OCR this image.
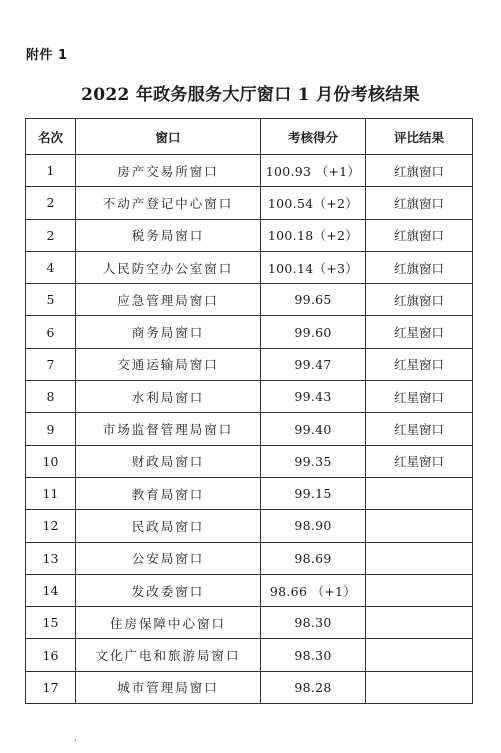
附件 1
2022 年政务服务大厅窗口 1 月份考核结果
名次	窗口	考核得分	评比结果
1	房产交易所窗口	100.93 （+1）	红旗窗口
2	不动产登记中心窗口	100.54（+2）	红旗窗口
2	税务局窗口	100.18（+2）	红旗窗口
4	人民防空办公室窗口	100.14（+3）	红旗窗口
5	应急管理局窗口	99.65	红旗窗口
6	商务局窗口	99.60	红星窗口
7	交通运输局窗口	99.47	红星窗口
8	水利局窗口	99.43	红星窗口
9	市场监督管理局窗口	99.40	红星窗口
10	财政局窗口	99.35	红星窗口
11	教育局窗口	99.15	
12	民政局窗口	98.90	
13	公安局窗口	98.69	
14	发改委窗口	98.66 （+1）	
15	住房保障中心窗口	98.30	
16	文化广电和旅游局窗口	98.30	
17	城市管理局窗口	98.28	
.
